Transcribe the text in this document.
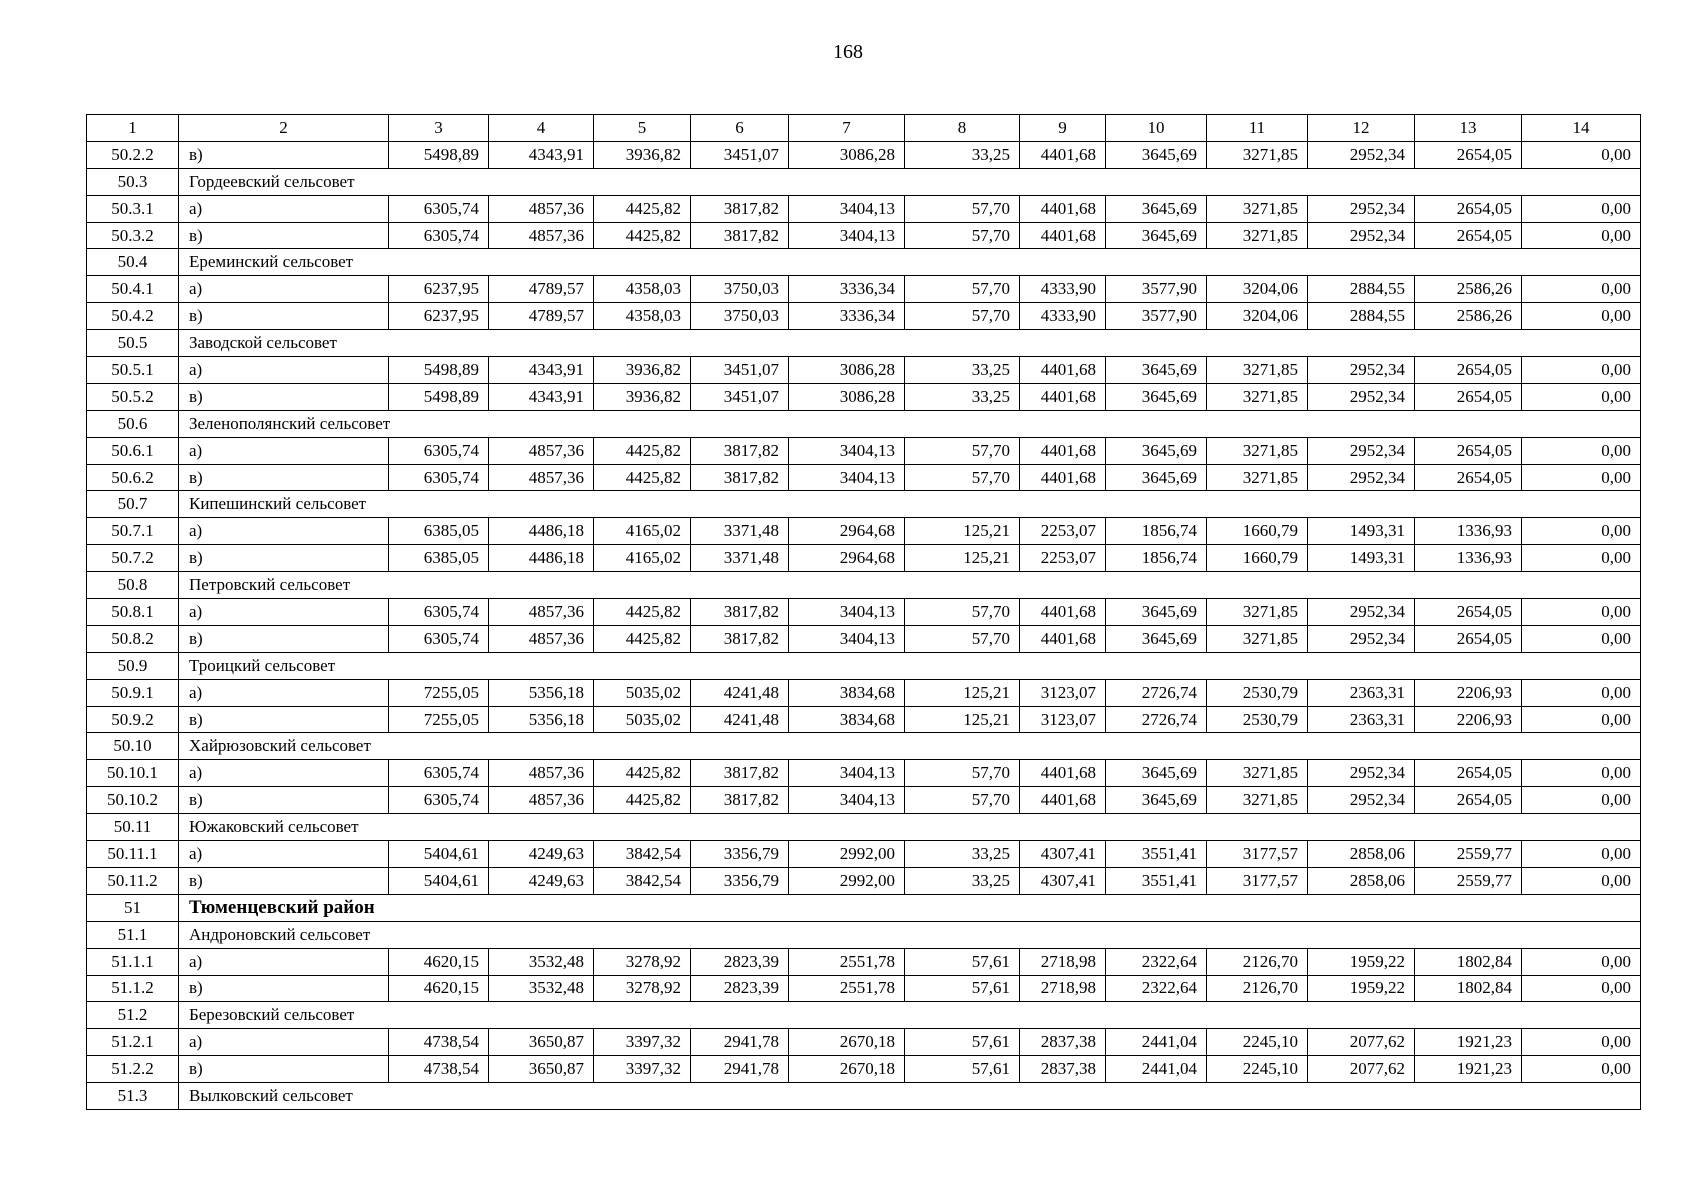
168
1	2	3	4	5	6	7	8	9	10	11	12	13	14
50.2.2	в)	5498,89	4343,91	3936,82	3451,07	3086,28	33,25	4401,68	3645,69	3271,85	2952,34	2654,05	0,00
50.3	Гордеевский сельсовет												
50.3.1	а)	6305,74	4857,36	4425,82	3817,82	3404,13	57,70	4401,68	3645,69	3271,85	2952,34	2654,05	0,00
50.3.2	в)	6305,74	4857,36	4425,82	3817,82	3404,13	57,70	4401,68	3645,69	3271,85	2952,34	2654,05	0,00
50.4	Ереминский сельсовет												
50.4.1	а)	6237,95	4789,57	4358,03	3750,03	3336,34	57,70	4333,90	3577,90	3204,06	2884,55	2586,26	0,00
50.4.2	в)	6237,95	4789,57	4358,03	3750,03	3336,34	57,70	4333,90	3577,90	3204,06	2884,55	2586,26	0,00
50.5	Заводской сельсовет												
50.5.1	а)	5498,89	4343,91	3936,82	3451,07	3086,28	33,25	4401,68	3645,69	3271,85	2952,34	2654,05	0,00
50.5.2	в)	5498,89	4343,91	3936,82	3451,07	3086,28	33,25	4401,68	3645,69	3271,85	2952,34	2654,05	0,00
50.6	Зеленополянский сельсовет												
50.6.1	а)	6305,74	4857,36	4425,82	3817,82	3404,13	57,70	4401,68	3645,69	3271,85	2952,34	2654,05	0,00
50.6.2	в)	6305,74	4857,36	4425,82	3817,82	3404,13	57,70	4401,68	3645,69	3271,85	2952,34	2654,05	0,00
50.7	Кипешинский сельсовет												
50.7.1	а)	6385,05	4486,18	4165,02	3371,48	2964,68	125,21	2253,07	1856,74	1660,79	1493,31	1336,93	0,00
50.7.2	в)	6385,05	4486,18	4165,02	3371,48	2964,68	125,21	2253,07	1856,74	1660,79	1493,31	1336,93	0,00
50.8	Петровский сельсовет												
50.8.1	а)	6305,74	4857,36	4425,82	3817,82	3404,13	57,70	4401,68	3645,69	3271,85	2952,34	2654,05	0,00
50.8.2	в)	6305,74	4857,36	4425,82	3817,82	3404,13	57,70	4401,68	3645,69	3271,85	2952,34	2654,05	0,00
50.9	Троицкий сельсовет												
50.9.1	а)	7255,05	5356,18	5035,02	4241,48	3834,68	125,21	3123,07	2726,74	2530,79	2363,31	2206,93	0,00
50.9.2	в)	7255,05	5356,18	5035,02	4241,48	3834,68	125,21	3123,07	2726,74	2530,79	2363,31	2206,93	0,00
50.10	Хайрюзовский сельсовет												
50.10.1	а)	6305,74	4857,36	4425,82	3817,82	3404,13	57,70	4401,68	3645,69	3271,85	2952,34	2654,05	0,00
50.10.2	в)	6305,74	4857,36	4425,82	3817,82	3404,13	57,70	4401,68	3645,69	3271,85	2952,34	2654,05	0,00
50.11	Южаковский сельсовет												
50.11.1	а)	5404,61	4249,63	3842,54	3356,79	2992,00	33,25	4307,41	3551,41	3177,57	2858,06	2559,77	0,00
50.11.2	в)	5404,61	4249,63	3842,54	3356,79	2992,00	33,25	4307,41	3551,41	3177,57	2858,06	2559,77	0,00
51	Тюменцевский район												
51.1	Андроновский сельсовет												
51.1.1	а)	4620,15	3532,48	3278,92	2823,39	2551,78	57,61	2718,98	2322,64	2126,70	1959,22	1802,84	0,00
51.1.2	в)	4620,15	3532,48	3278,92	2823,39	2551,78	57,61	2718,98	2322,64	2126,70	1959,22	1802,84	0,00
51.2	Березовский сельсовет												
51.2.1	а)	4738,54	3650,87	3397,32	2941,78	2670,18	57,61	2837,38	2441,04	2245,10	2077,62	1921,23	0,00
51.2.2	в)	4738,54	3650,87	3397,32	2941,78	2670,18	57,61	2837,38	2441,04	2245,10	2077,62	1921,23	0,00
51.3	Вылковский сельсовет												
